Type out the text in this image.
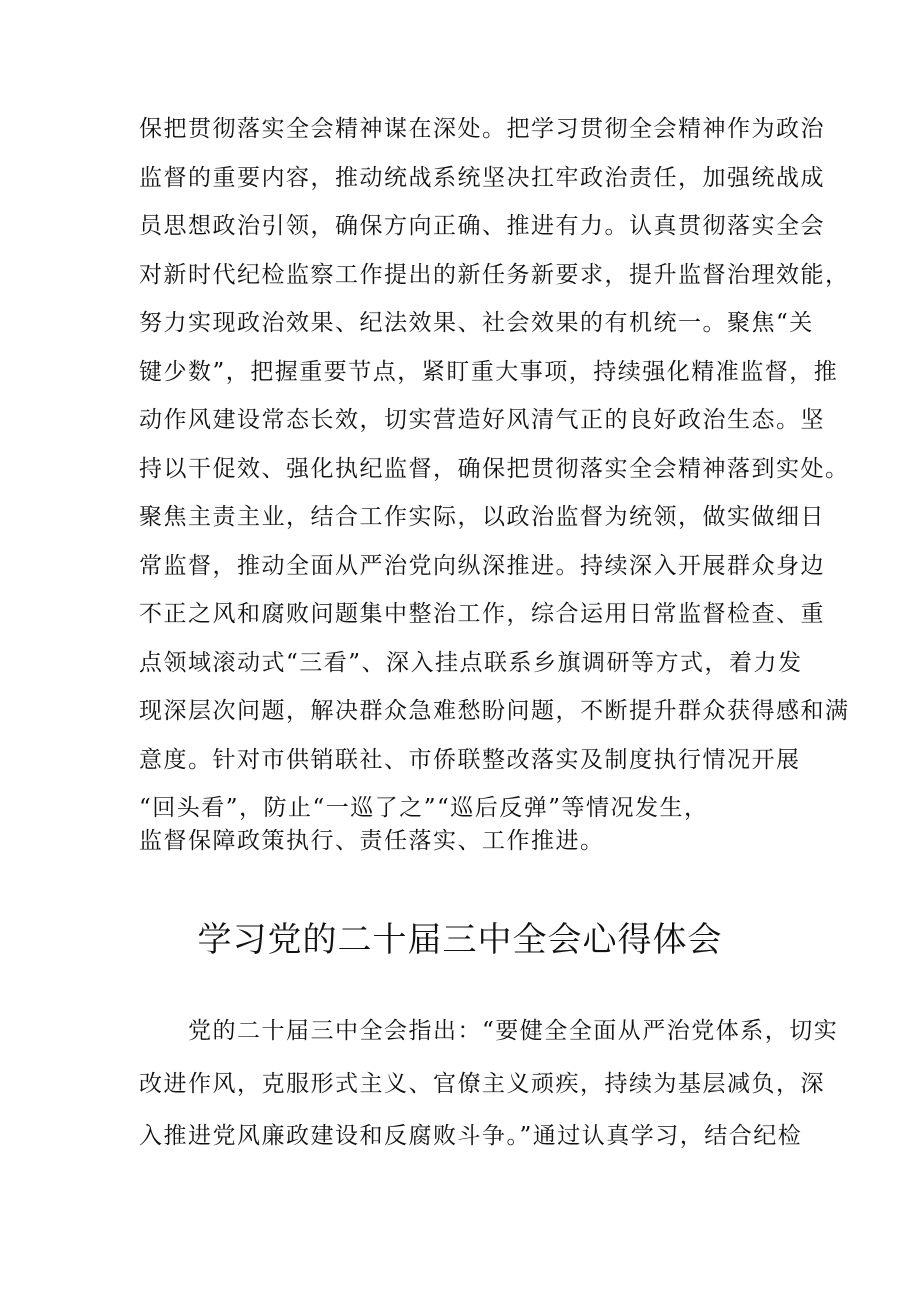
保把贯彻落实全会精神谋在深处。把学习贯彻全会精神作为政治
监督的重要内容，推动统战系统坚决扛牢政治责任，加强统战成
员思想政治引领，确保方向正确、推进有力。认真贯彻落实全会
对新时代纪检监察工作提出的新任务新要求，提升监督治理效能，
努力实现政治效果、纪法效果、社会效果的有机统一。聚焦“关
键少数”，把握重要节点，紧盯重大事项，持续强化精准监督，推
动作风建设常态长效，切实营造好风清气正的良好政治生态。坚
持以干促效、强化执纪监督，确保把贯彻落实全会精神落到实处。
聚焦主责主业，结合工作实际，以政治监督为统领，做实做细日
常监督，推动全面从严治党向纵深推进。持续深入开展群众身边
不正之风和腐败问题集中整治工作，综合运用日常监督检查、重
点领域滚动式“三看”、深入挂点联系乡旗调研等方式，着力发
现深层次问题，解决群众急难愁盼问题，不断提升群众获得感和满
意度。针对市供销联社、市侨联整改落实及制度执行情况开展
“回头看”，防止“一巡了之”“巡后反弹”等情况发生，
监督保障政策执行、责任落实、工作推进。
学习党的二十届三中全会心得体会
　　党的二十届三中全会指出：“要健全全面从严治党体系，切实
改进作风，克服形式主义、官僚主义顽疾，持续为基层减负，深
入推进党风廉政建设和反腐败斗争。”通过认真学习，结合纪检
